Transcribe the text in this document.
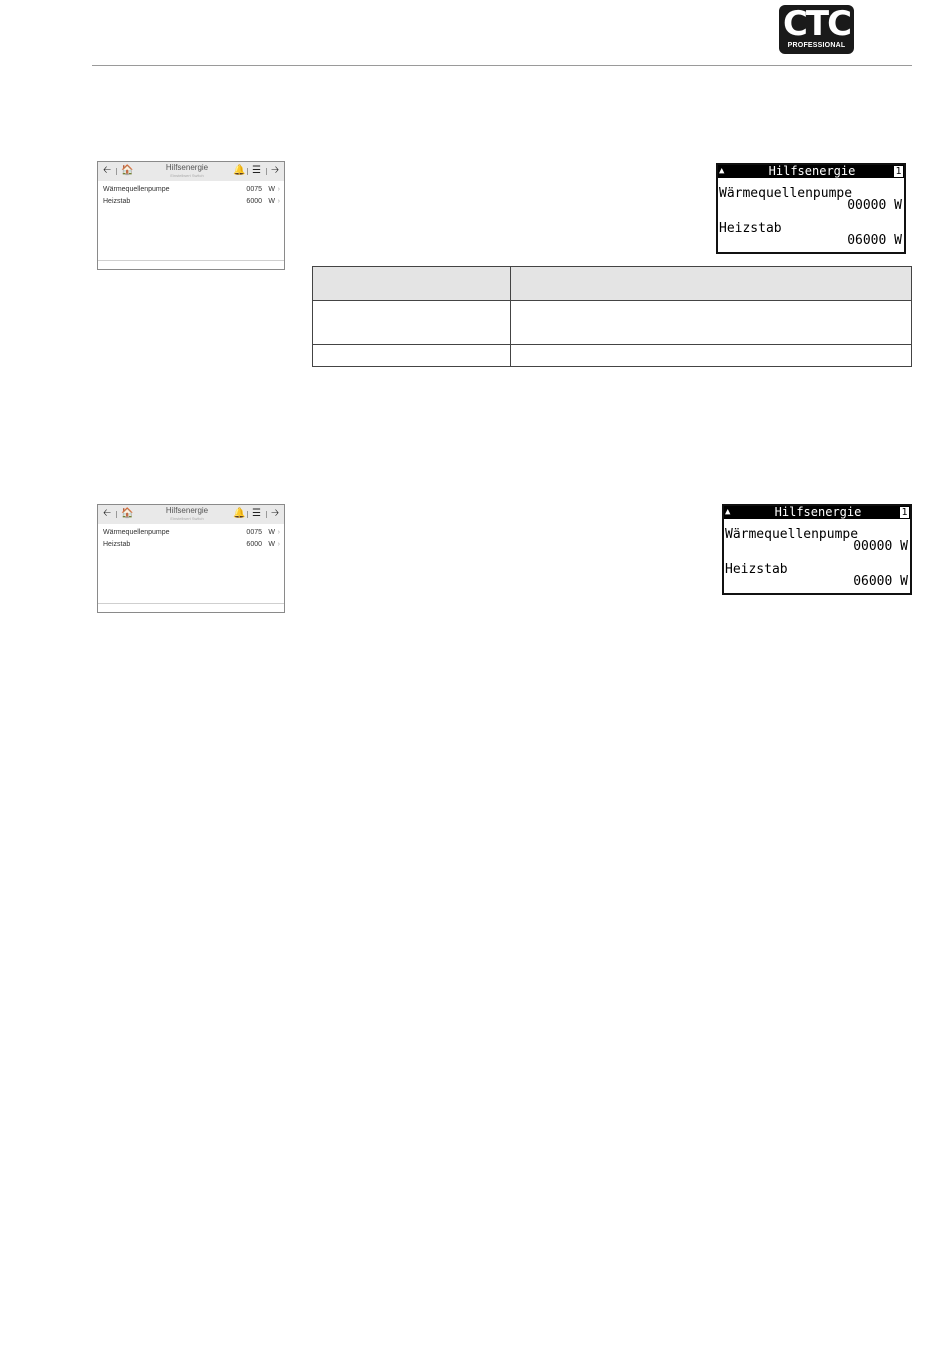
CTC
PROFESSIONAL
🡠 🏠	Hilfsenergie
Einstellwert Switch	🔔 ☰ 🡢
Wärmequellenpumpe	0075 W ›
Heizstab	6000 W ›
▲	Hilfsenergie	1
Wärmequellenpumpe
00000 W
Heizstab
06000 W

🡠 🏠	Hilfsenergie
Einstellwert Switch	🔔 ☰ 🡢
Wärmequellenpumpe	0075 W ›
Heizstab	6000 W ›
▲	Hilfsenergie	1
Wärmequellenpumpe
00000 W
Heizstab
06000 W
